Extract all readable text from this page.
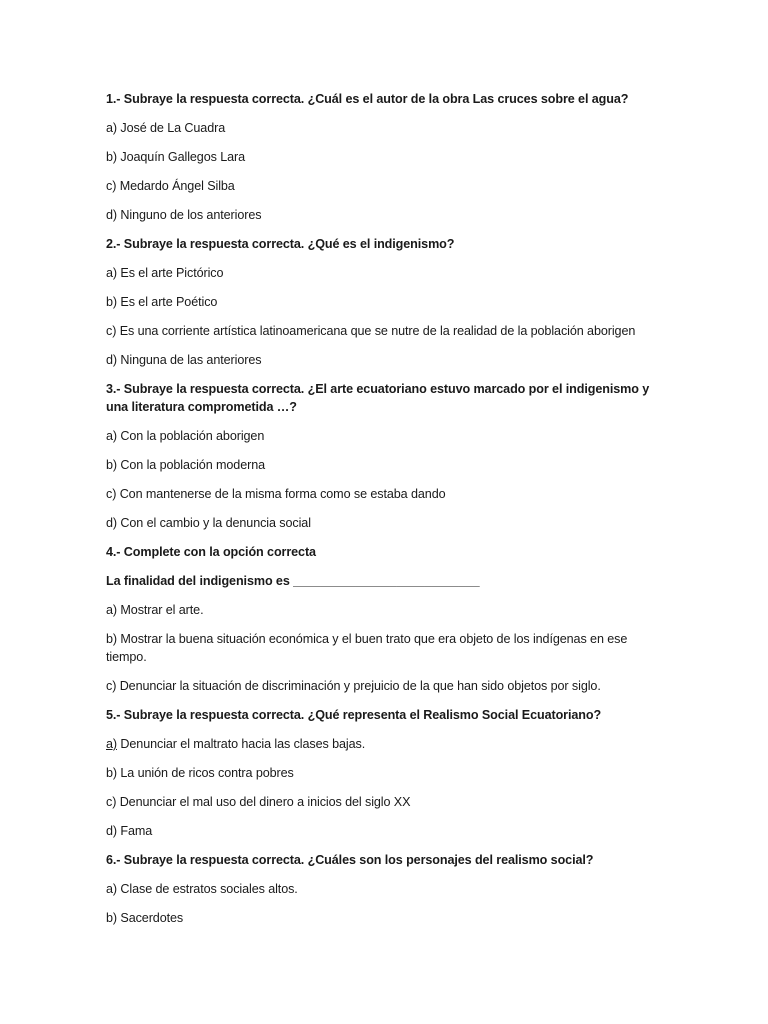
1.- Subraye la respuesta correcta. ¿Cuál es el autor de la obra Las cruces sobre el agua?

a) José de La Cuadra

b) Joaquín Gallegos Lara

c) Medardo Ángel Silba

d) Ninguno de los anteriores

2.- Subraye la respuesta correcta. ¿Qué es el indigenismo?

a) Es el arte Pictórico

b) Es el arte Poético

c) Es una corriente artística latinoamericana que se nutre de la realidad de la población aborigen

d) Ninguna de las anteriores

3.- Subraye la respuesta correcta. ¿El arte ecuatoriano estuvo marcado por el indigenismo y una literatura comprometida …?

a) Con la población aborigen

b) Con la población moderna

c) Con mantenerse de la misma forma como se estaba dando

d) Con el cambio y la denuncia social

4.- Complete con la opción correcta

La finalidad del indigenismo es ___________________________

a) Mostrar el arte.

b) Mostrar la buena situación económica y el buen trato que era objeto de los indígenas en ese tiempo.

c) Denunciar la situación de discriminación y prejuicio de la que han sido objetos por siglo.

5.- Subraye la respuesta correcta. ¿Qué representa el Realismo Social Ecuatoriano?

a) Denunciar el maltrato hacia las clases bajas.

b) La unión de ricos contra pobres

c) Denunciar el mal uso del dinero a inicios del siglo XX

d) Fama

6.- Subraye la respuesta correcta. ¿Cuáles son los personajes del realismo social?

a) Clase de estratos sociales altos.

b) Sacerdotes
